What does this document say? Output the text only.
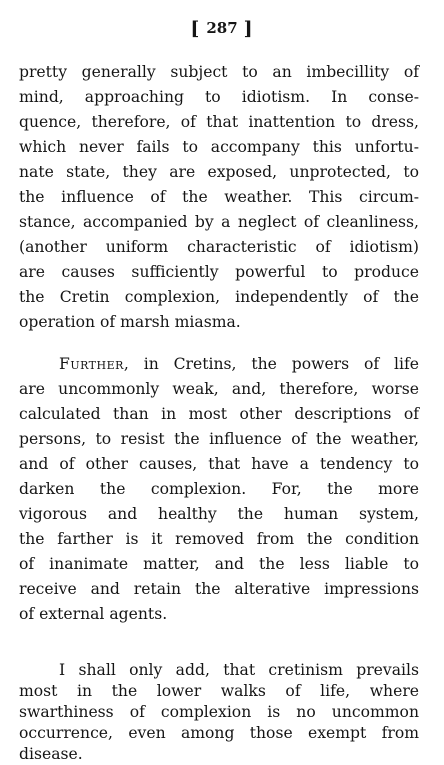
[ 287 ]
pretty generally subject to an imbecillity of
mind, approaching to idiotism. In conse-
quence, therefore, of that inattention to dress,
which never fails to accompany this unfortu-
nate state, they are exposed, unprotected, to
the influence of the weather. This circum-
stance, accompanied by a neglect of cleanliness,
(another uniform characteristic of idiotism)
are causes sufficiently powerful to produce
the Cretin complexion, independently of the
operation of marsh miasma.
Further, in Cretins, the powers of life
are uncommonly weak, and, therefore, worse
calculated than in most other descriptions of
persons, to resist the influence of the weather,
and of other causes, that have a tendency to
darken the complexion. For, the more
vigorous and healthy the human system,
the farther is it removed from the condition
of inanimate matter, and the less liable to
receive and retain the alterative impressions
of external agents.
I shall only add, that cretinism prevails
most in the lower walks of life, where
swarthiness of complexion is no uncommon
occurrence, even among those exempt from
disease.
